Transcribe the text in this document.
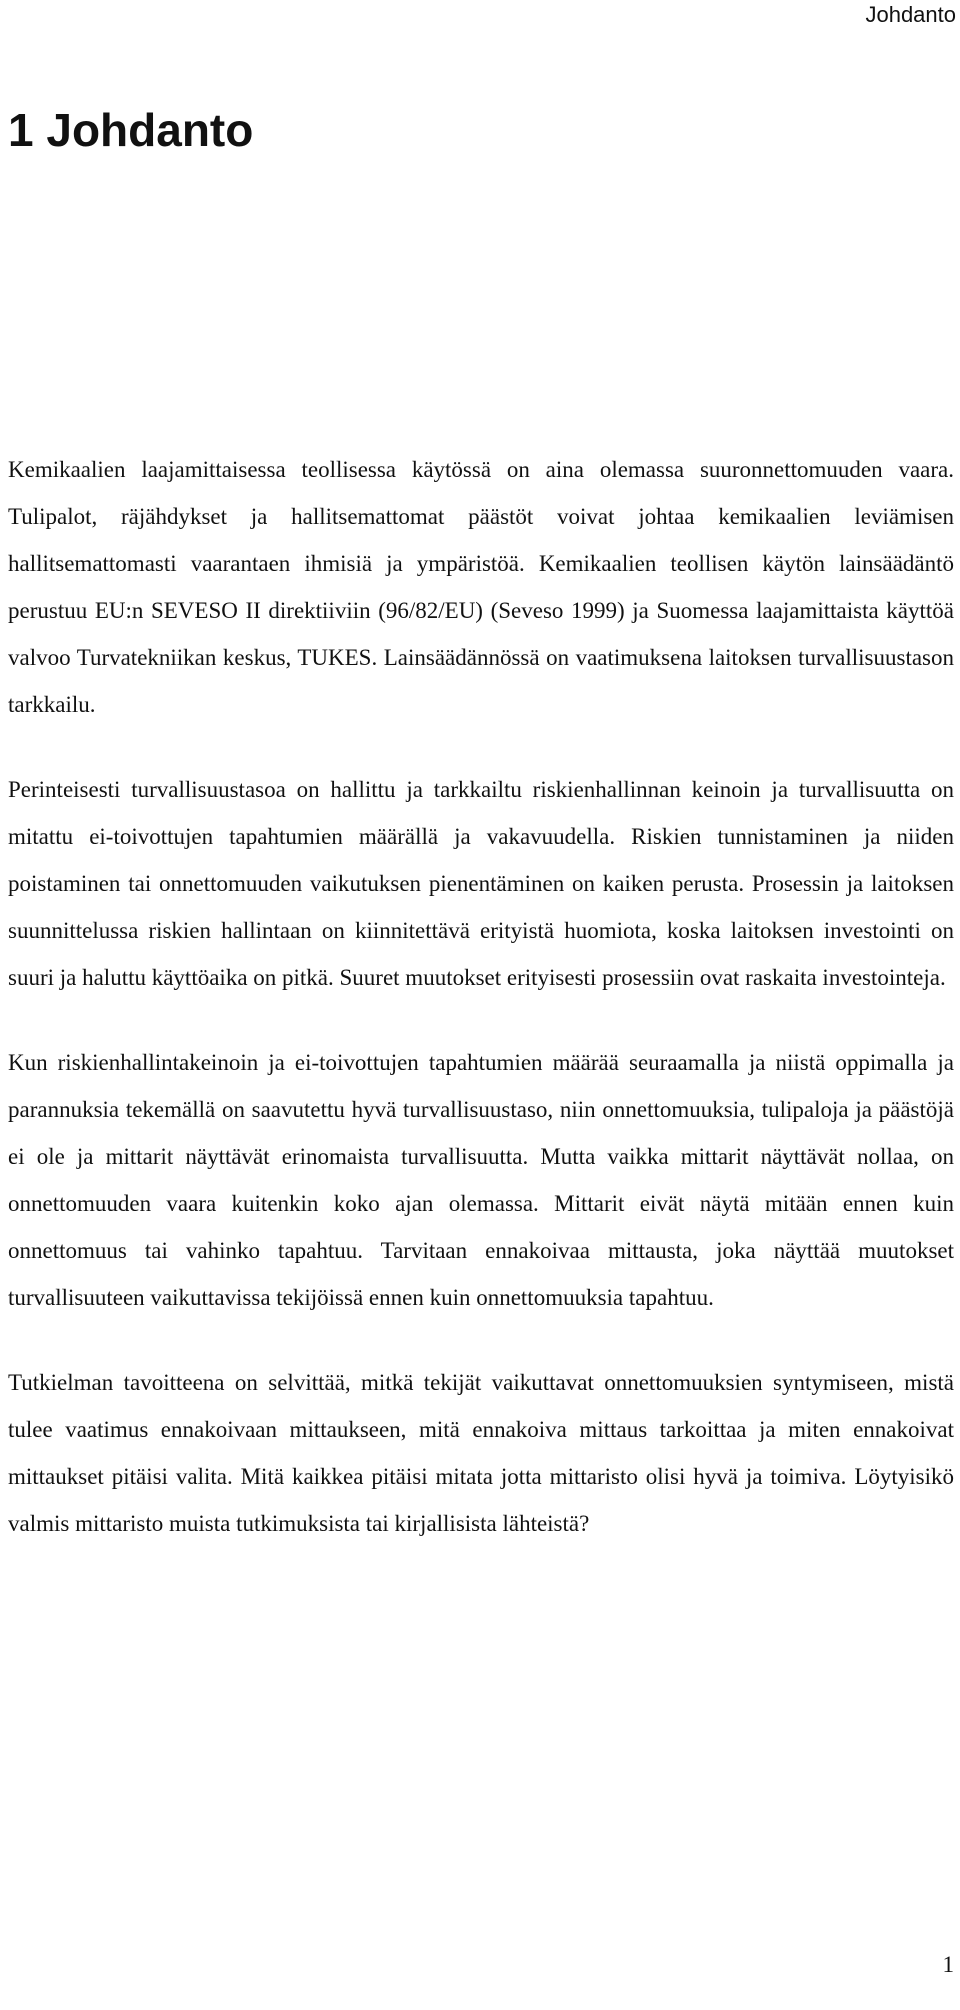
Johdanto
1 Johdanto

Kemikaalien laajamittaisessa teollisessa käytössä on aina olemassa suuronnettomuuden vaara. Tulipalot, räjähdykset ja hallitsemattomat päästöt voivat johtaa kemikaalien leviämisen hallitsemattomasti vaarantaen ihmisiä ja ympäristöä. Kemikaalien teollisen käytön lainsäädäntö perustuu EU:n SEVESO II direktiiviin (96/82/EU) (Seveso 1999) ja Suomessa laajamittaista käyttöä valvoo Turvatekniikan keskus, TUKES. Lainsäädännössä on vaatimuksena laitoksen turvallisuustason tarkkailu.

Perinteisesti turvallisuustasoa on hallittu ja tarkkailtu riskienhallinnan keinoin ja turvallisuutta on mitattu ei-toivottujen tapahtumien määrällä ja vakavuudella. Riskien tunnistaminen ja niiden poistaminen tai onnettomuuden vaikutuksen pienentäminen on kaiken perusta. Prosessin ja laitoksen suunnittelussa riskien hallintaan on kiinnitettävä erityistä huomiota, koska laitoksen investointi on suuri ja haluttu käyttöaika on pitkä. Suuret muutokset erityisesti prosessiin ovat raskaita investointeja.

Kun riskienhallintakeinoin ja ei-toivottujen tapahtumien määrää seuraamalla ja niistä oppimalla ja parannuksia tekemällä on saavutettu hyvä turvallisuustaso, niin onnettomuuksia, tulipaloja ja päästöjä ei ole ja mittarit näyttävät erinomaista turvallisuutta. Mutta vaikka mittarit näyttävät nollaa, on onnettomuuden vaara kuitenkin koko ajan olemassa. Mittarit eivät näytä mitään ennen kuin onnettomuus tai vahinko tapahtuu. Tarvitaan ennakoivaa mittausta, joka näyttää muutokset turvallisuuteen vaikuttavissa tekijöissä ennen kuin onnettomuuksia tapahtuu.

Tutkielman tavoitteena on selvittää, mitkä tekijät vaikuttavat onnettomuuksien syntymiseen, mistä tulee vaatimus ennakoivaan mittaukseen, mitä ennakoiva mittaus tarkoittaa ja miten ennakoivat mittaukset pitäisi valita. Mitä kaikkea pitäisi mitata jotta mittaristo olisi hyvä ja toimiva. Löytyisikö valmis mittaristo muista tutkimuksista tai kirjallisista lähteistä?

1
